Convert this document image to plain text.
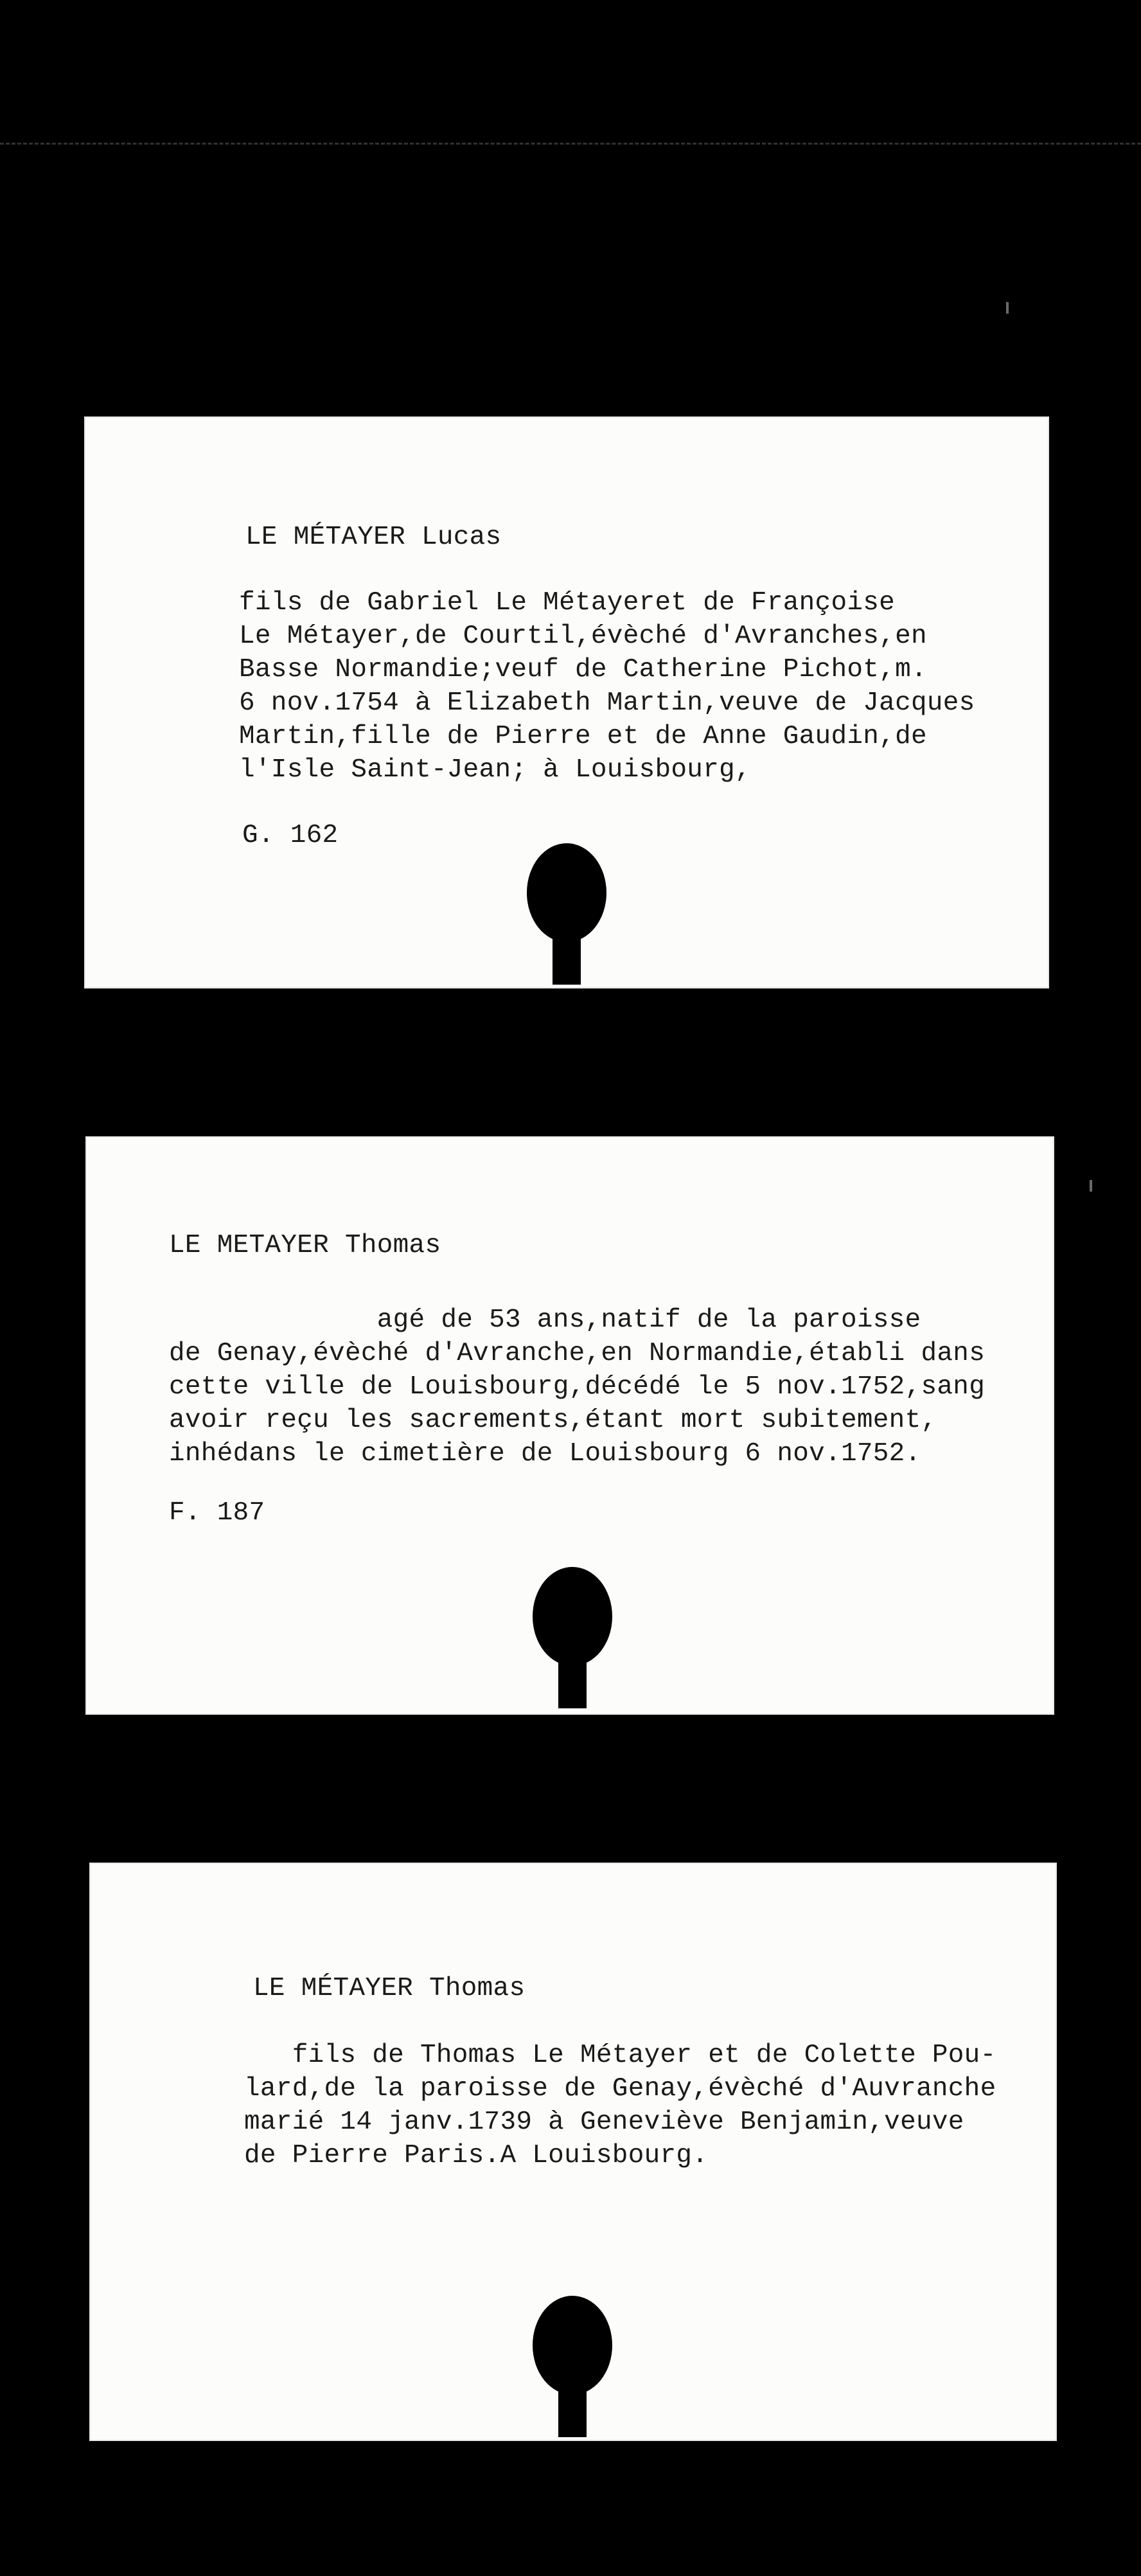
LE MÉTAYER Lucas

fils de Gabriel Le Métayeret de Françoise

Le Métayer,de Courtil,évèché d'Avranches,en

Basse Normandie;veuf de Catherine Pichot,m.

6 nov.1754 à Elizabeth Martin,veuve de Jacques

Martin,fille de Pierre et de Anne Gaudin,de

l'Isle Saint-Jean; à Louisbourg,

G. 162

LE METAYER Thomas

agé de 53 ans,natif de la paroisse

de Genay,évèché d'Avranche,en Normandie,établi dans

cette ville de Louisbourg,décédé le 5 nov.1752,sang

avoir reçu les sacrements,étant mort subitement,

inhédans le cimetière de Louisbourg 6 nov.1752.

F. 187

LE MÉTAYER Thomas

fils de Thomas Le Métayer et de Colette Pou-

lard,de la paroisse de Genay,évèché d'Auvranche

marié 14 janv.1739 à Geneviève Benjamin,veuve

de Pierre Paris.A Louisbourg.
